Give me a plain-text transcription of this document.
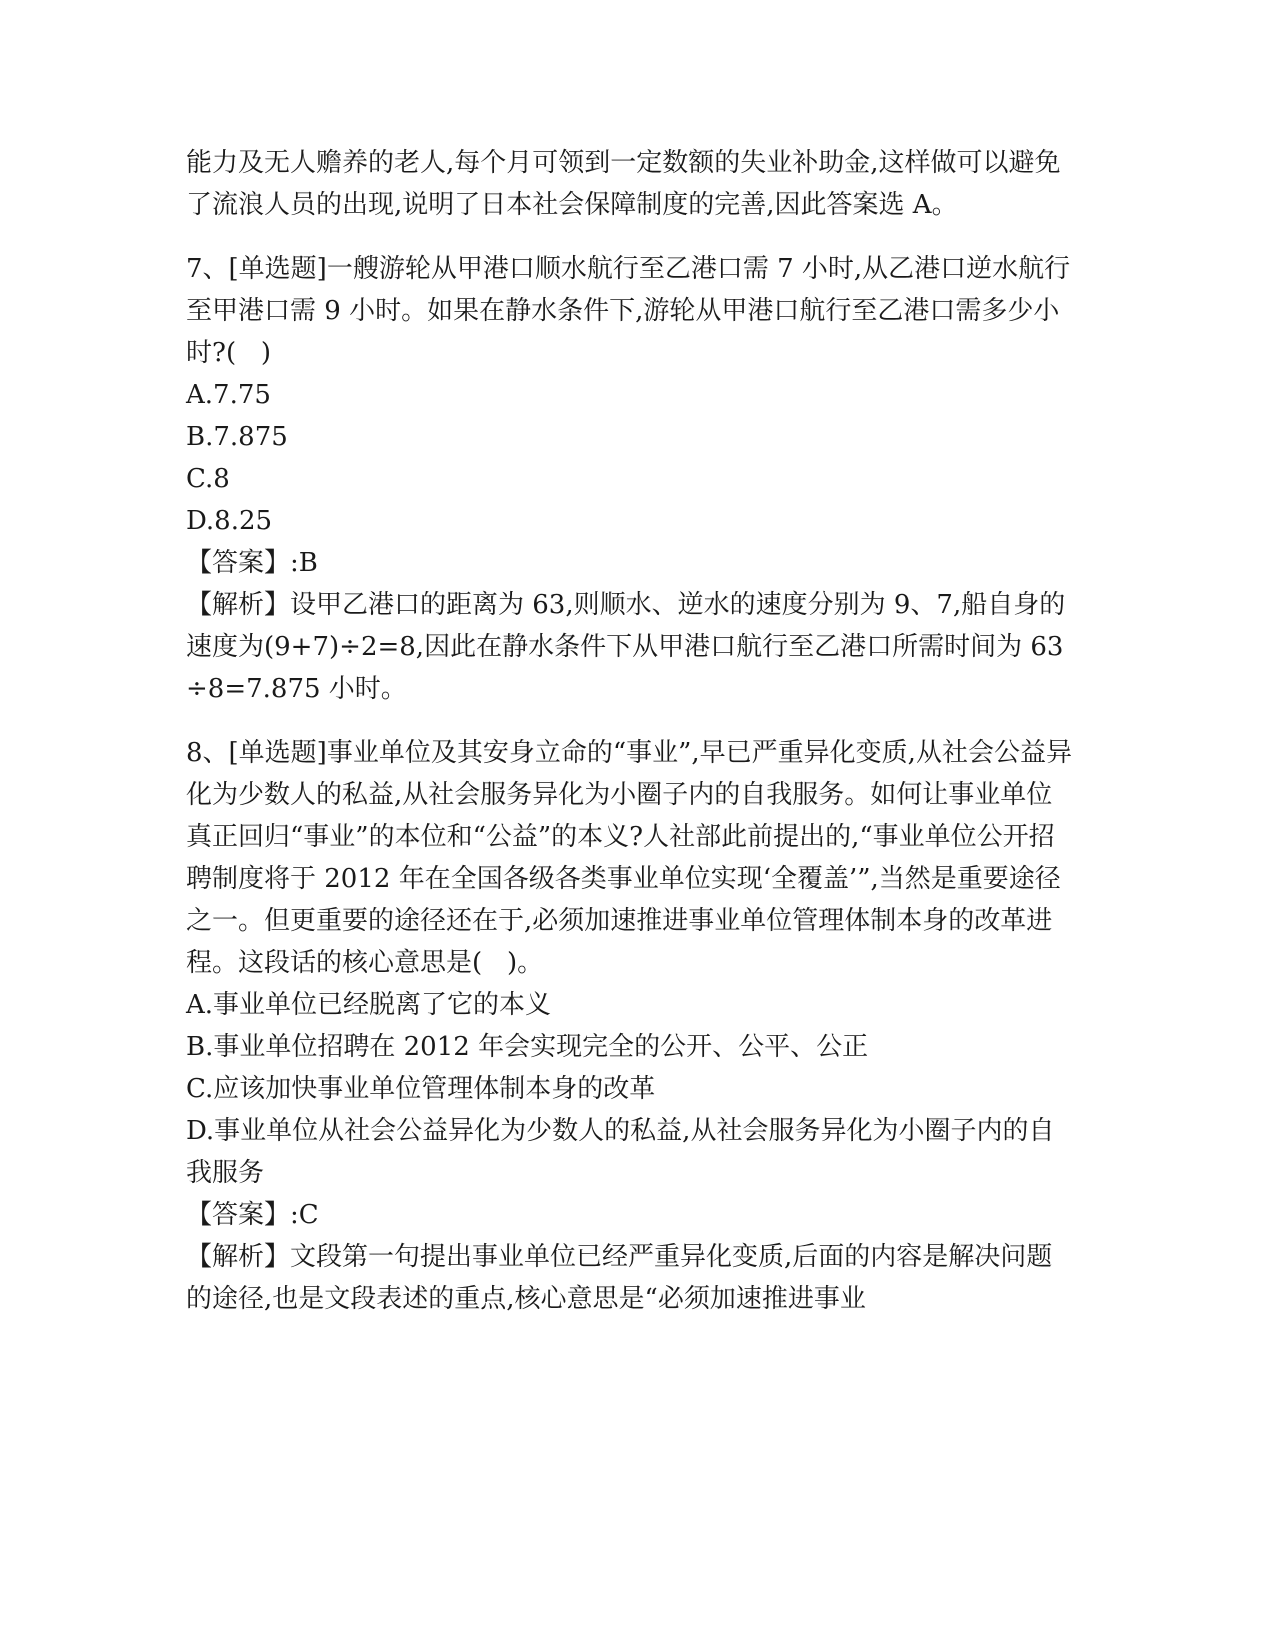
能力及无人赡养的老人,每个月可领到一定数额的失业补助金,这样做可以避免了流浪人员的出现,说明了日本社会保障制度的完善,因此答案选 A。

7、[单选题]一艘游轮从甲港口顺水航行至乙港口需 7 小时,从乙港口逆水航行至甲港口需 9 小时。如果在静水条件下,游轮从甲港口航行至乙港口需多少小时?(   )

A.7.75

B.7.875

C.8

D.8.25

【答案】:B

【解析】设甲乙港口的距离为 63,则顺水、逆水的速度分别为 9、7,船自身的速度为(9+7)÷2=8,因此在静水条件下从甲港口航行至乙港口所需时间为 63÷8=7.875 小时。

8、[单选题]事业单位及其安身立命的“事业”,早已严重异化变质,从社会公益异化为少数人的私益,从社会服务异化为小圈子内的自我服务。如何让事业单位真正回归“事业”的本位和“公益”的本义?人社部此前提出的,“事业单位公开招聘制度将于 2012 年在全国各级各类事业单位实现‘全覆盖’”,当然是重要途径之一。但更重要的途径还在于,必须加速推进事业单位管理体制本身的改革进程。这段话的核心意思是(   )。

A.事业单位已经脱离了它的本义

B.事业单位招聘在 2012 年会实现完全的公开、公平、公正

C.应该加快事业单位管理体制本身的改革

D.事业单位从社会公益异化为少数人的私益,从社会服务异化为小圈子内的自我服务

【答案】:C

【解析】文段第一句提出事业单位已经严重异化变质,后面的内容是解决问题的途径,也是文段表述的重点,核心意思是“必须加速推进事业
